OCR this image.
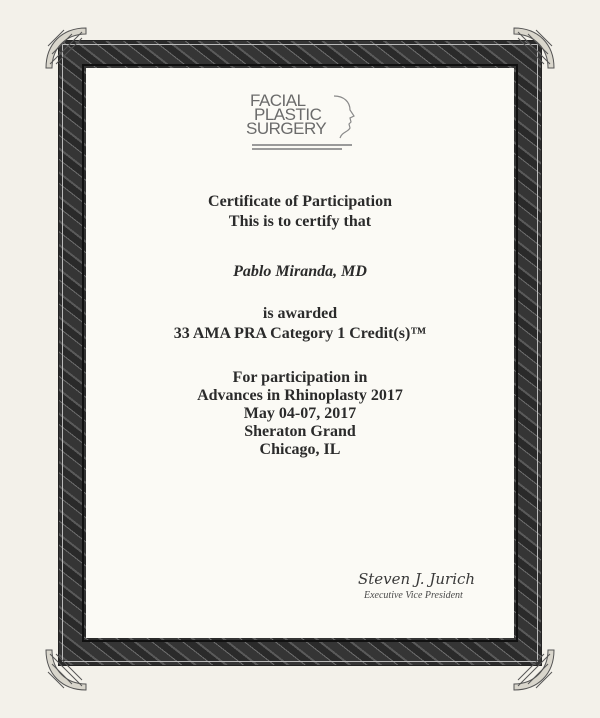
FACIAL
PLASTIC
SURGERY
Certificate of Participation
This is to certify that
Pablo Miranda, MD
is awarded
33 AMA PRA Category 1 Credit(s)™
For participation in
Advances in Rhinoplasty 2017
May 04-07, 2017
Sheraton Grand
Chicago, IL
Steven J. Jurich
Executive Vice President
